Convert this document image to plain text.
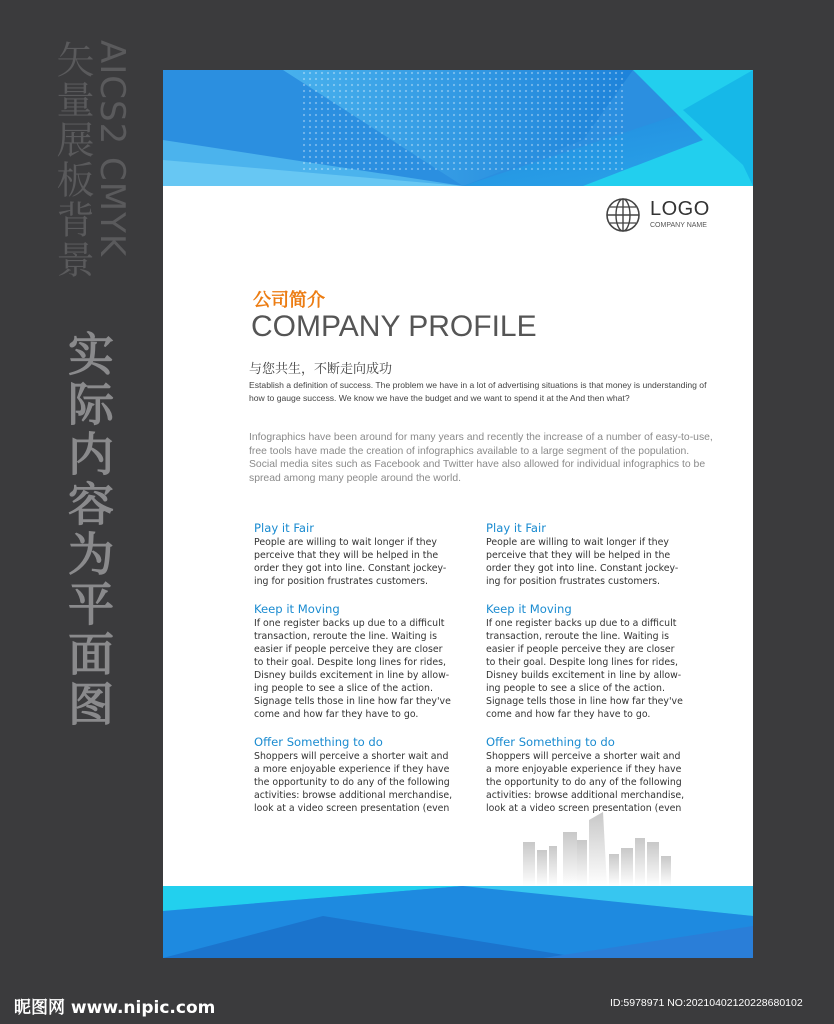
矢量展板背景
AICS2 CMYK
实际内容为平面图
LOGO
COMPANY NAME
公司简介
COMPANY PROFILE
与您共生，不断走向成功
Establish a definition of success. The problem we have in a lot of advertising situations is that money is understanding of how to gauge success. We know we have the budget and we want to spend it at the And then what?
Infographics have been around for many years and recently the increase of a number of easy-to-use, free tools have made the creation of infographics available to a large segment of the population. Social media sites such as Facebook and Twitter have also allowed for individual infographics to be spread among many people around the world.
Play it Fair

People are willing to wait longer if they
perceive that they will be helped in the
order they got into line. Constant jockey-
ing for position frustrates customers.

Keep it Moving

If one register backs up due to a difficult
transaction, reroute the line. Waiting is
easier if people perceive they are closer
to their goal. Despite long lines for rides,
Disney builds excitement in line by allow-
ing people to see a slice of the action.
Signage tells those in line how far they've
come and how far they have to go.

Offer Something to do

Shoppers will perceive a shorter wait and
a more enjoyable experience if they have
the opportunity to do any of the following
activities: browse additional merchandise,
look at a video screen presentation (even

Play it Fair

People are willing to wait longer if they
perceive that they will be helped in the
order they got into line. Constant jockey-
ing for position frustrates customers.

Keep it Moving

If one register backs up due to a difficult
transaction, reroute the line. Waiting is
easier if people perceive they are closer
to their goal. Despite long lines for rides,
Disney builds excitement in line by allow-
ing people to see a slice of the action.
Signage tells those in line how far they've
come and how far they have to go.

Offer Something to do

Shoppers will perceive a shorter wait and
a more enjoyable experience if they have
the opportunity to do any of the following
activities: browse additional merchandise,
look at a video screen presentation (even

昵图网 www.nipic.com	ID:5978971 NO:20210402120228680102
